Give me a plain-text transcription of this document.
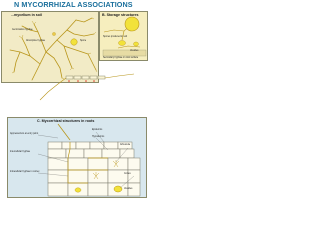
N MYCORRHIZAL ASSOCIATIONS
...mycelium in soil
Germination hyphae
Absorptive hyphae	Spore
B. Storage structures
Spores produced in soil
Vesicles
Secondary hyphae on root surface
C. Mycorrhizal structures in roots
Appressorium at entry point
Epidermis
Hypodermis
Intercellular hyphae
Arbuscule
Intracellular hyphae in cortex
Cortex
Vesicles
